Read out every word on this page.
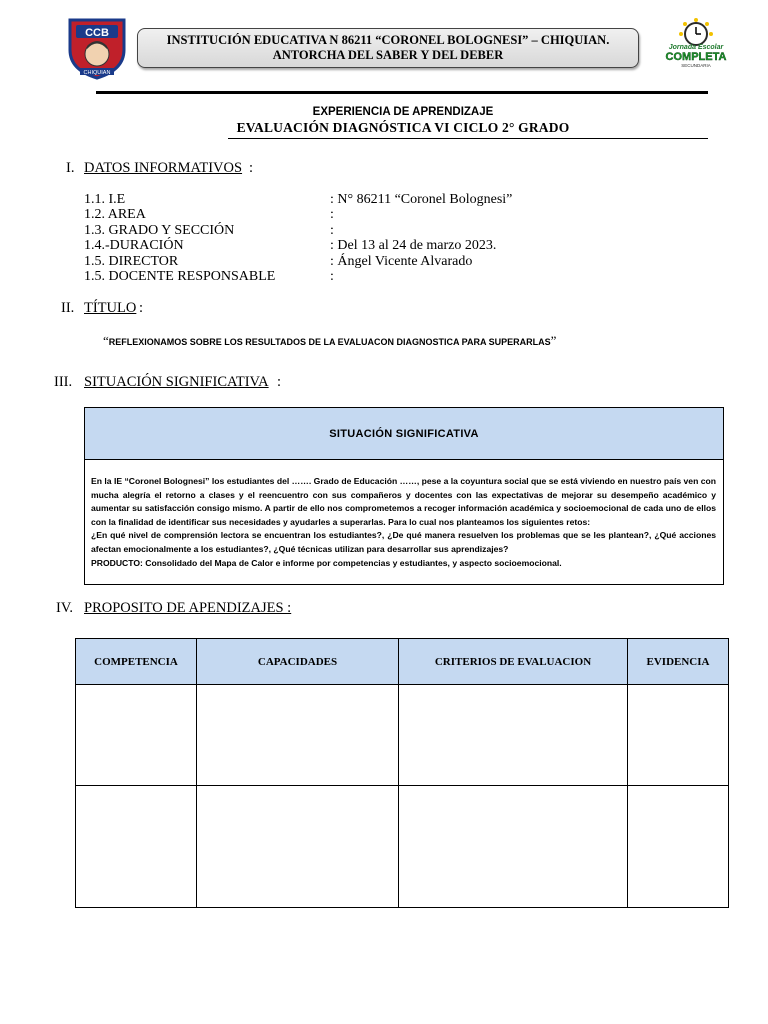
CCB
CHIQUIAN
INSTITUCIÓN EDUCATIVA N 86211 “CORONEL BOLOGNESI” – CHIQUIAN.
ANTORCHA DEL SABER Y DEL DEBER
Jornada Escolar
COMPLETA
SECUNDARIA
EXPERIENCIA DE APRENDIZAJE
EVALUACIÓN DIAGNÓSTICA VI CICLO 2° GRADO
I. DATOS INFORMATIVOS :
1.1. I.E	: N° 86211 “Coronel Bolognesi”
1.2. AREA	:
1.3. GRADO Y SECCIÓN	:
1.4.-DURACIÓN	: Del 13 al 24 de marzo 2023.
1.5. DIRECTOR	: Ángel Vicente Alvarado
1.5. DOCENTE RESPONSABLE	:
II. TÍTULO :
“REFLEXIONAMOS SOBRE LOS RESULTADOS DE LA EVALUACON DIAGNOSTICA PARA SUPERARLAS”
III. SITUACIÓN SIGNIFICATIVA :
SITUACIÓN SIGNIFICATIVA
En la IE “Coronel Bolognesi” los estudiantes del ……. Grado de Educación ……, pese a la coyuntura social que se está viviendo en nuestro país ven con mucha alegría el retorno a clases y el reencuentro con sus compañeros y docentes con las expectativas de mejorar su desempeño académico y aumentar su satisfacción consigo mismo. A partir de ello nos comprometemos a recoger información académica y socioemocional de cada uno de ellos con la finalidad de identificar sus necesidades y ayudarles a superarlas. Para lo cual nos planteamos los siguientes retos:
¿En qué nivel de comprensión lectora se encuentran los estudiantes?, ¿De qué manera resuelven los problemas que se les plantean?, ¿Qué acciones afectan emocionalmente a los estudiantes?, ¿Qué técnicas utilizan para desarrollar sus aprendizajes?
PRODUCTO: Consolidado del Mapa de Calor e informe por competencias y estudiantes, y aspecto socioemocional.
IV. PROPOSITO DE APENDIZAJES :
COMPETENCIA	CAPACIDADES	CRITERIOS DE EVALUACION	EVIDENCIA
